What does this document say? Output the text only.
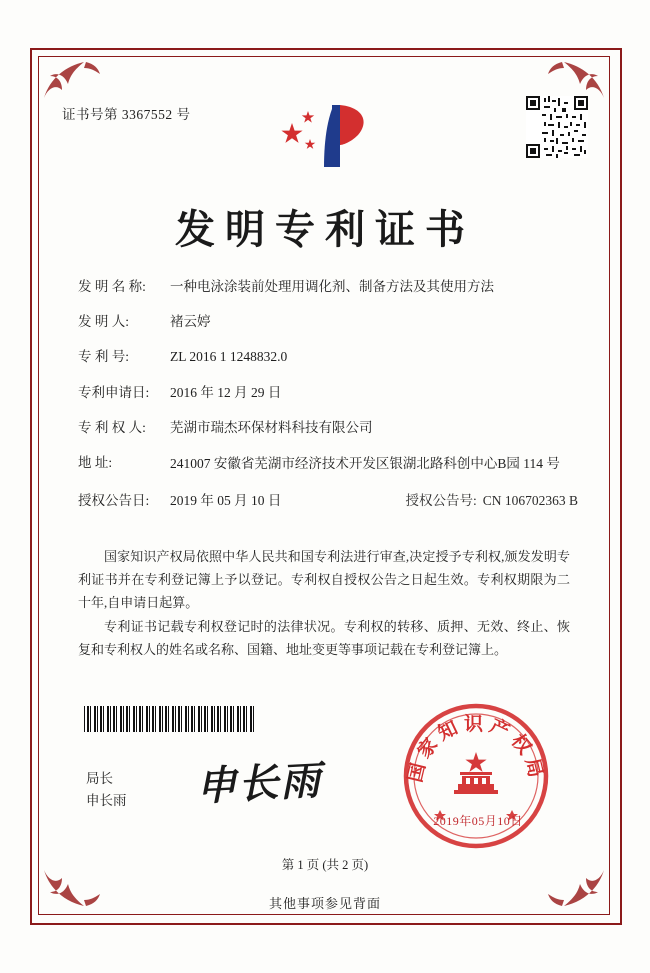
证书号第 3367552 号
发明专利证书
发 明 名 称:	一种电泳涂装前处理用调化剂、制备方法及其使用方法
发 明 人:	褚云婷
专 利 号:	ZL 2016 1 1248832.0
专利申请日:	2016 年 12 月 29 日
专 利 权 人:	芜湖市瑞杰环保材料科技有限公司
地 址:	241007 安徽省芜湖市经济技术开发区银湖北路科创中心B园 114 号
授权公告日:	2019 年 05 月 10 日	授权公告号: CN 106702363 B

国家知识产权局依照中华人民共和国专利法进行审查,决定授予专利权,颁发发明专利证书并在专利登记簿上予以登记。专利权自授权公告之日起生效。专利权期限为二十年,自申请日起算。

专利证书记载专利权登记时的法律状况。专利权的转移、质押、无效、终止、恢复和专利权人的姓名或名称、国籍、地址变更等事项记载在专利登记簿上。

局长
申长雨 申长雨	国家知识产权局
2019年05月10日
第 1 页 (共 2 页)
其他事项参见背面
